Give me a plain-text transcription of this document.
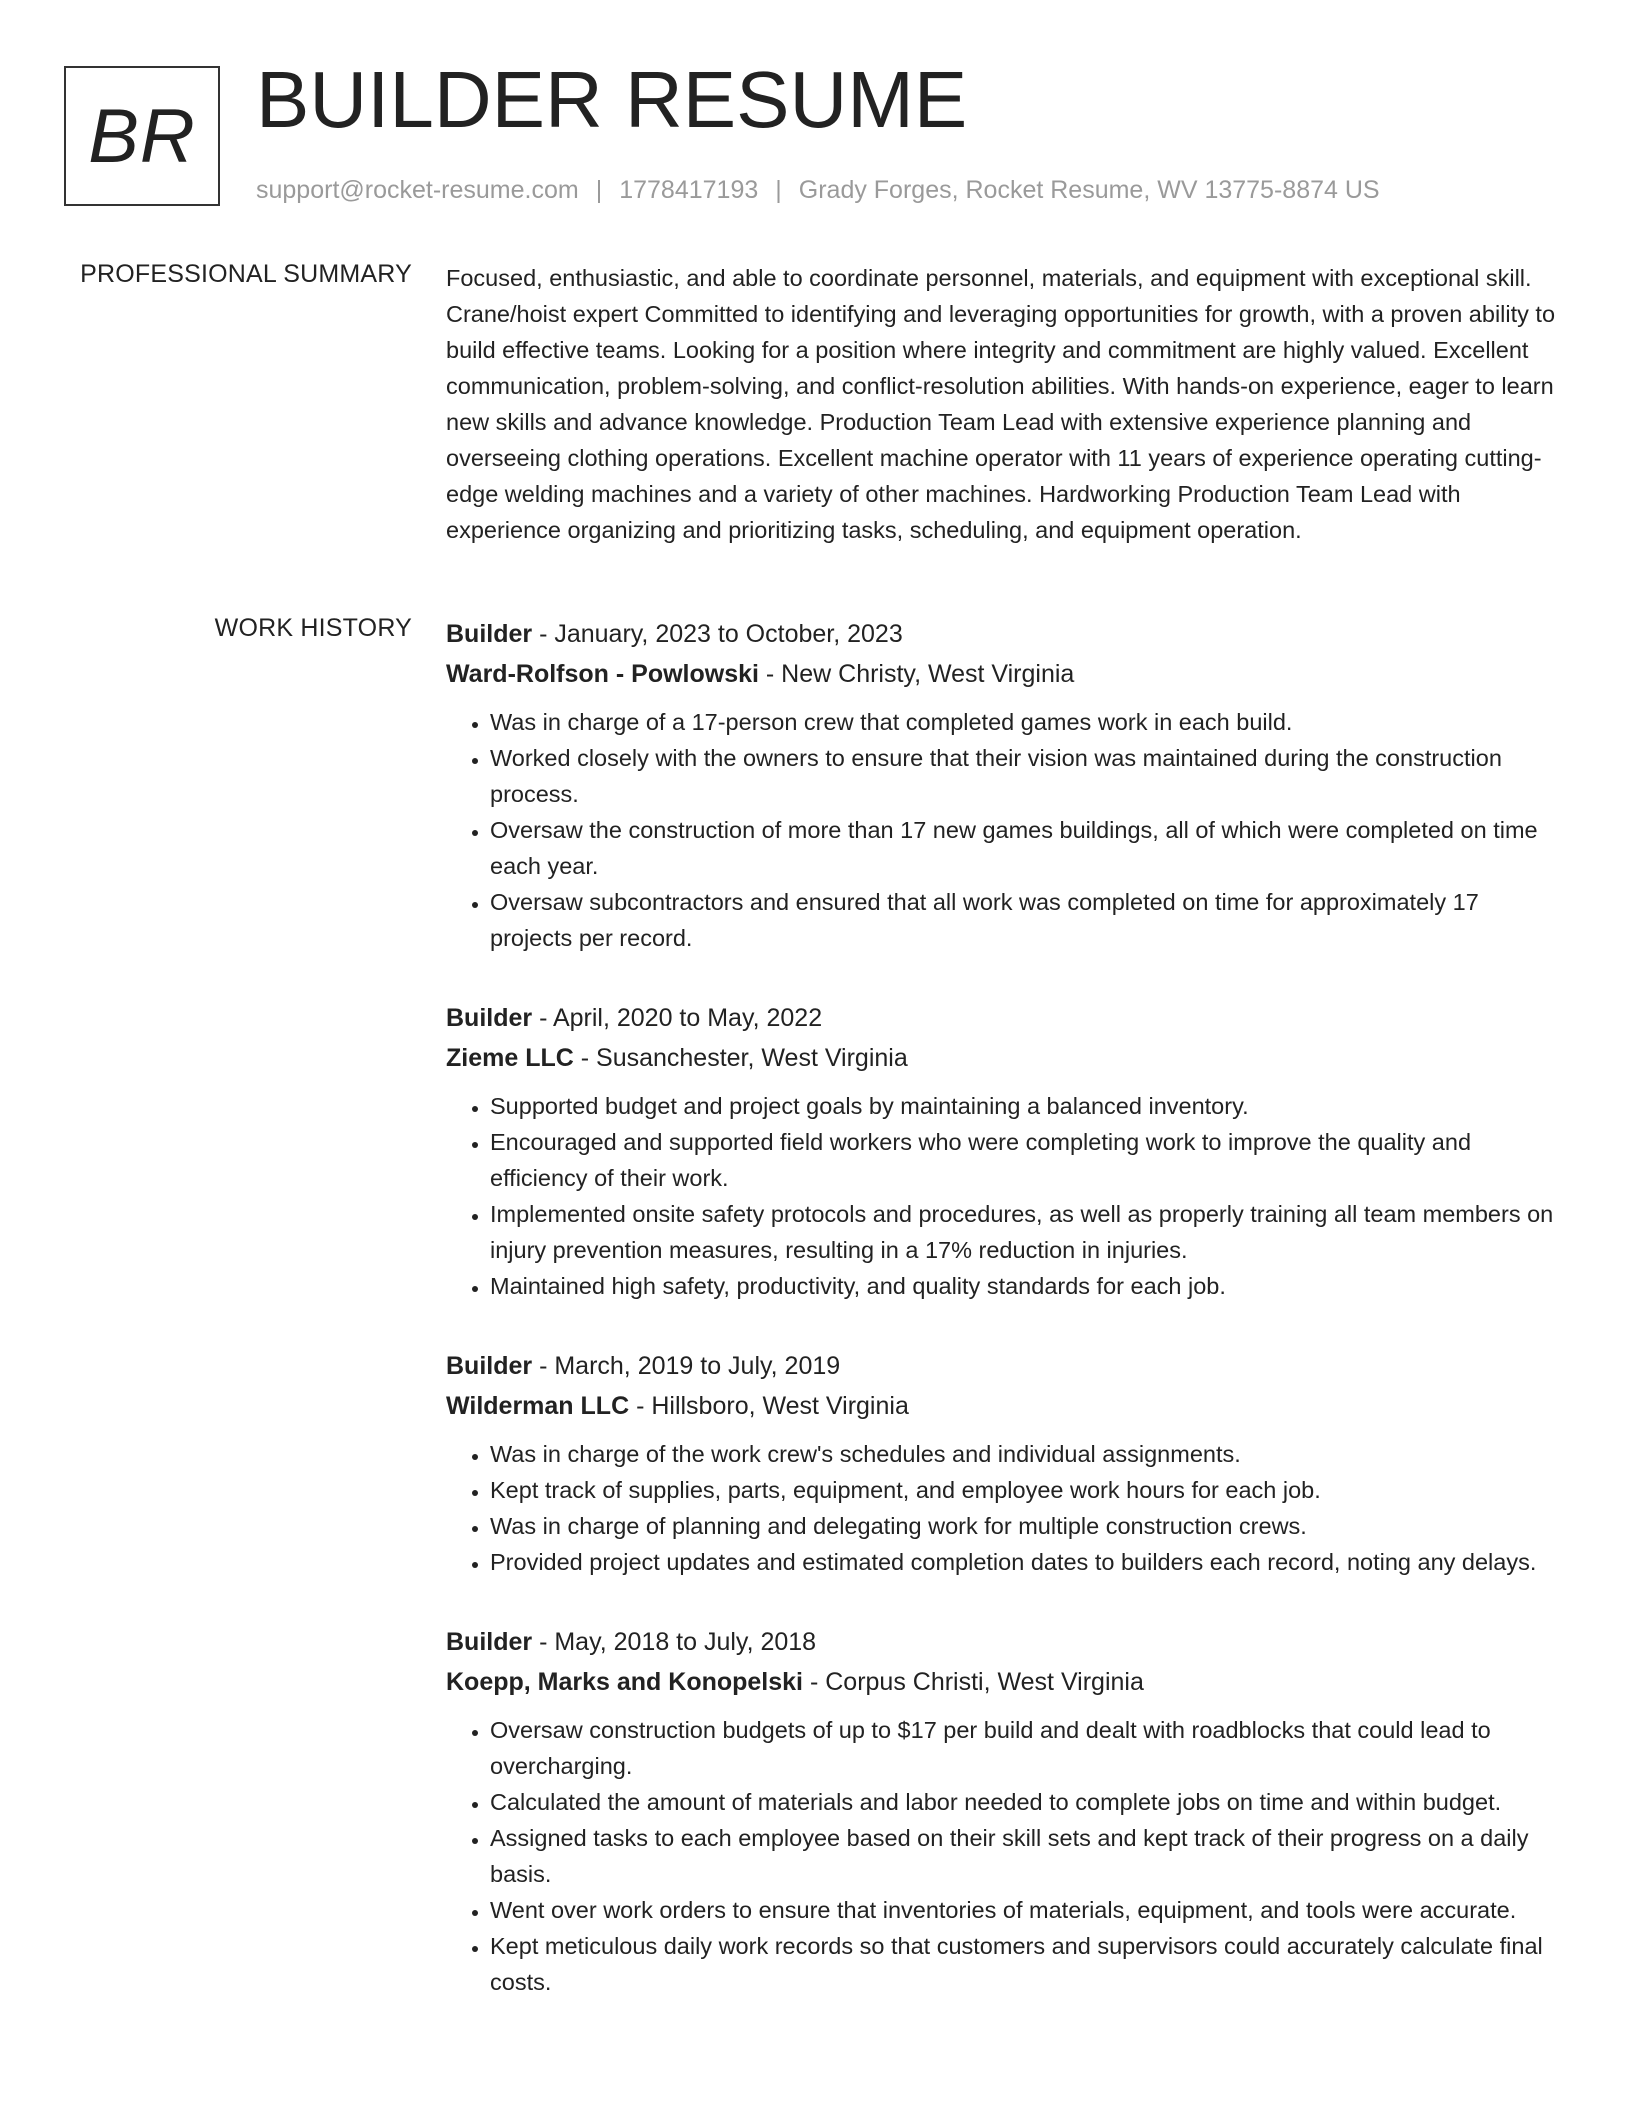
BR BUILDER RESUME
support@rocket-resume.com | 1778417193 | Grady Forges, Rocket Resume, WV 13775-8874 US
PROFESSIONAL SUMMARY Focused, enthusiastic, and able to coordinate personnel, materials, and equipment with exceptional skill. Crane/hoist expert Committed to identifying and leveraging opportunities for growth, with a proven ability to build effective teams. Looking for a position where integrity and commitment are highly valued. Excellent communication, problem-solving, and conflict-resolution abilities. With hands-on experience, eager to learn new skills and advance knowledge. Production Team Lead with extensive experience planning and overseeing clothing operations. Excellent machine operator with 11 years of experience operating cutting-edge welding machines and a variety of other machines. Hardworking Production Team Lead with experience organizing and prioritizing tasks, scheduling, and equipment operation.

WORK HISTORY Builder - January, 2023 to October, 2023
Ward-Rolfson - Powlowski - New Christy, West Virginia
• Was in charge of a 17-person crew that completed games work in each build.
• Worked closely with the owners to ensure that their vision was maintained during the construction process.
• Oversaw the construction of more than 17 new games buildings, all of which were completed on time each year.
• Oversaw subcontractors and ensured that all work was completed on time for approximately 17 projects per record.
Builder - April, 2020 to May, 2022
Zieme LLC - Susanchester, West Virginia
• Supported budget and project goals by maintaining a balanced inventory.
• Encouraged and supported field workers who were completing work to improve the quality and efficiency of their work.
• Implemented onsite safety protocols and procedures, as well as properly training all team members on injury prevention measures, resulting in a 17% reduction in injuries.
• Maintained high safety, productivity, and quality standards for each job.
Builder - March, 2019 to July, 2019
Wilderman LLC - Hillsboro, West Virginia
• Was in charge of the work crew's schedules and individual assignments.
• Kept track of supplies, parts, equipment, and employee work hours for each job.
• Was in charge of planning and delegating work for multiple construction crews.
• Provided project updates and estimated completion dates to builders each record, noting any delays.
Builder - May, 2018 to July, 2018
Koepp, Marks and Konopelski - Corpus Christi, West Virginia
• Oversaw construction budgets of up to $17 per build and dealt with roadblocks that could lead to overcharging.
• Calculated the amount of materials and labor needed to complete jobs on time and within budget.
• Assigned tasks to each employee based on their skill sets and kept track of their progress on a daily basis.
• Went over work orders to ensure that inventories of materials, equipment, and tools were accurate.
• Kept meticulous daily work records so that customers and supervisors could accurately calculate final costs.
